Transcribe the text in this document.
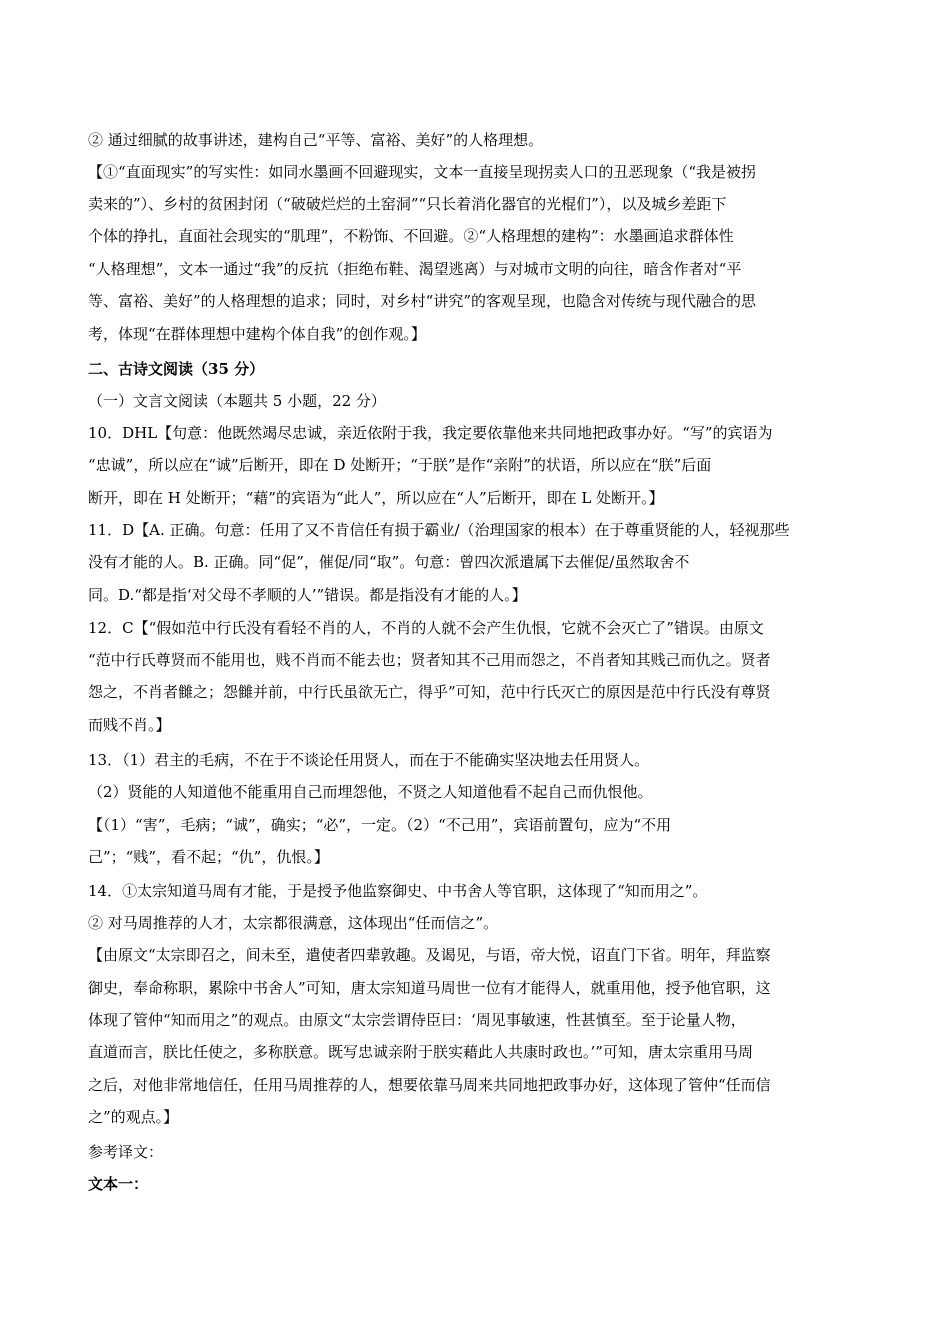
② 通过细腻的故事讲述，建构自己“平等、富裕、美好”的人格理想。
【①“直面现实”的写实性：如同水墨画不回避现实，文本一直接呈现拐卖人口的丑恶现象（“我是被拐
卖来的”）、乡村的贫困封闭（“破破烂烂的土窑洞”“只长着消化器官的光棍们”），以及城乡差距下
个体的挣扎，直面社会现实的“肌理”，不粉饰、不回避。②“人格理想的建构”：水墨画追求群体性
“人格理想”，文本一通过“我”的反抗（拒绝布鞋、渴望逃离）与对城市文明的向往，暗含作者对“平
等、富裕、美好”的人格理想的追求；同时，对乡村“讲究”的客观呈现，也隐含对传统与现代融合的思
考，体现“在群体理想中建构个体自我”的创作观。】
二、古诗文阅读（35 分）
（一）文言文阅读（本题共 5 小题，22 分）
10．DHL【句意：他既然竭尽忠诚，亲近依附于我，我定要依靠他来共同地把政事办好。“写”的宾语为
“忠诚”，所以应在“诚”后断开，即在 D 处断开；“于朕”是作“亲附”的状语，所以应在“朕”后面
断开，即在 H 处断开；“藉”的宾语为“此人”，所以应在“人”后断开，即在 L 处断开。】
11．D【A. 正确。句意：任用了又不肯信任有损于霸业/（治理国家的根本）在于尊重贤能的人，轻视那些
没有才能的人。B. 正确。同“促”，催促/同“取”。句意：曾四次派遣属下去催促/虽然取舍不
同。D.“都是指‘对父母不孝顺的人’”错误。都是指没有才能的人。】
12．C【“假如范中行氏没有看轻不肖的人，不肖的人就不会产生仇恨，它就不会灭亡了”错误。由原文
“范中行氏尊贤而不能用也，贱不肖而不能去也；贤者知其不己用而怨之，不肖者知其贱己而仇之。贤者
怨之，不肖者雠之；怨雠并前，中行氏虽欲无亡，得乎”可知，范中行氏灭亡的原因是范中行氏没有尊贤
而贱不肖。】
13．（1）君主的毛病，不在于不谈论任用贤人，而在于不能确实坚决地去任用贤人。
（2）贤能的人知道他不能重用自己而埋怨他，不贤之人知道他看不起自己而仇恨他。
【（1）“害”，毛病；“诚”，确实；“必”，一定。（2）“不己用”，宾语前置句，应为“不用
己”；“贱”，看不起；“仇”，仇恨。】
14．①太宗知道马周有才能，于是授予他监察御史、中书舍人等官职，这体现了“知而用之”。
② 对马周推荐的人才，太宗都很满意，这体现出“任而信之”。
【由原文“太宗即召之，间未至，遣使者四辈敦趣。及谒见，与语，帝大悦，诏直门下省。明年，拜监察
御史，奉命称职，累除中书舍人”可知，唐太宗知道马周世一位有才能得人，就重用他，授予他官职，这
体现了管仲“知而用之”的观点。由原文“太宗尝谓侍臣曰：‘周见事敏速，性甚慎至。至于论量人物，
直道而言，朕比任使之，多称朕意。既写忠诚亲附于朕实藉此人共康时政也。’”可知，唐太宗重用马周
之后，对他非常地信任，任用马周推荐的人，想要依靠马周来共同地把政事办好，这体现了管仲“任而信
之”的观点。】
参考译文：
文本一：
